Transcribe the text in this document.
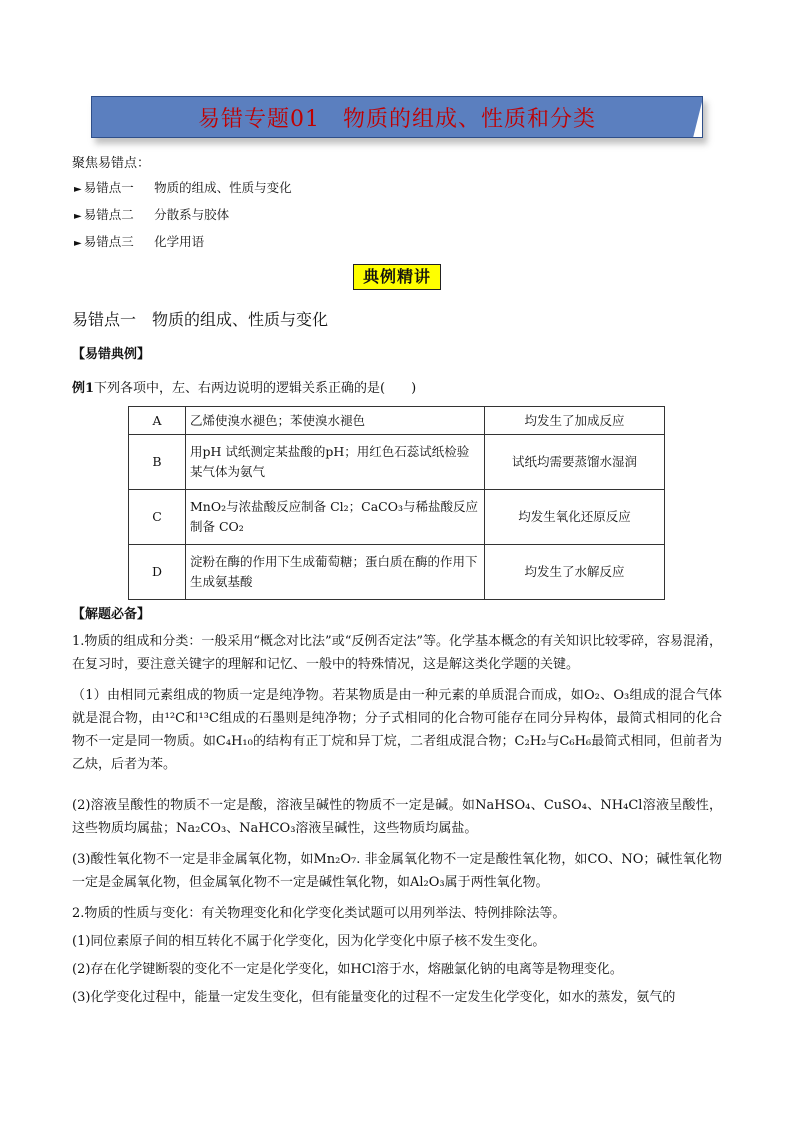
易错专题01　物质的组成、性质和分类
聚焦易错点：
► 易错点一　  物质的组成、性质与变化
► 易错点二　  分散系与胶体
► 易错点三　  化学用语
典例精讲
易错点一　物质的组成、性质与变化
【易错典例】
例1下列各项中，左、右两边说明的逻辑关系正确的是(　　)
A	乙烯使溴水褪色；苯使溴水褪色	均发生了加成反应
B	用pH 试纸测定某盐酸的pH；用红色石蕊试纸检验某气体为氨气	试纸均需要蒸馏水湿润
C	MnO₂与浓盐酸反应制备 Cl₂；CaCO₃与稀盐酸反应制备 CO₂	均发生氧化还原反应
D	淀粉在酶的作用下生成葡萄糖；蛋白质在酶的作用下生成氨基酸	均发生了水解反应
【解题必备】
1.物质的组成和分类：一般采用“概念对比法”或“反例否定法”等。化学基本概念的有关知识比较零碎，容易混淆，在复习时，要注意关键字的理解和记忆、一般中的特殊情况，这是解这类化学题的关键。
（1）由相同元素组成的物质一定是纯净物。若某物质是由一种元素的单质混合而成，如O₂、O₃组成的混合气体就是混合物，由¹²C和¹³C组成的石墨则是纯净物；分子式相同的化合物可能存在同分异构体，最简式相同的化合物不一定是同一物质。如C₄H₁₀的结构有正丁烷和异丁烷，二者组成混合物；C₂H₂与C₆H₆最简式相同，但前者为乙炔，后者为苯。
(2)溶液呈酸性的物质不一定是酸，溶液呈碱性的物质不一定是碱。如NaHSO₄、CuSO₄、NH₄Cl溶液呈酸性，这些物质均属盐；Na₂CO₃、NaHCO₃溶液呈碱性，这些物质均属盐。
(3)酸性氧化物不一定是非金属氧化物，如Mn₂O₇. 非金属氧化物不一定是酸性氧化物，如CO、NO；碱性氧化物一定是金属氧化物，但金属氧化物不一定是碱性氧化物，如Al₂O₃属于两性氧化物。
2.物质的性质与变化：有关物理变化和化学变化类试题可以用列举法、特例排除法等。
(1)同位素原子间的相互转化不属于化学变化，因为化学变化中原子核不发生变化。
(2)存在化学键断裂的变化不一定是化学变化，如HCl溶于水，熔融氯化钠的电离等是物理变化。
(3)化学变化过程中，能量一定发生变化，但有能量变化的过程不一定发生化学变化，如水的蒸发，氨气的
